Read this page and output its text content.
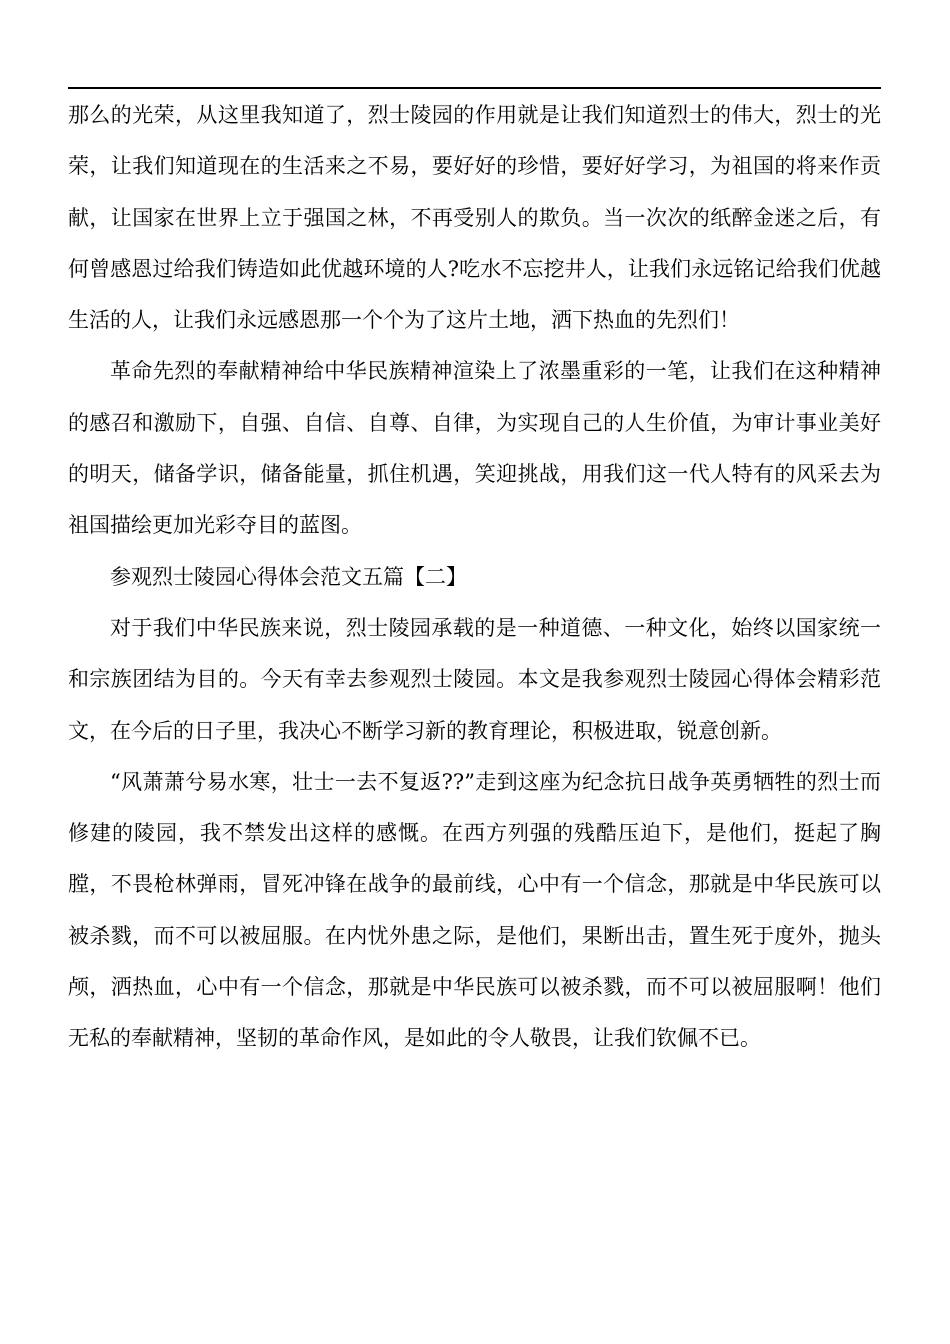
那么的光荣，从这里我知道了，烈士陵园的作用就是让我们知道烈士的伟大，烈士的光荣，让我们知道现在的生活来之不易，要好好的珍惜，要好好学习，为祖国的将来作贡献，让国家在世界上立于强国之林，不再受别人的欺负。当一次次的纸醉金迷之后，有何曾感恩过给我们铸造如此优越环境的人?吃水不忘挖井人，让我们永远铭记给我们优越生活的人，让我们永远感恩那一个个为了这片土地，洒下热血的先烈们！

革命先烈的奉献精神给中华民族精神渲染上了浓墨重彩的一笔，让我们在这种精神的感召和激励下，自强、自信、自尊、自律，为实现自己的人生价值，为审计事业美好的明天，储备学识，储备能量，抓住机遇，笑迎挑战，用我们这一代人特有的风采去为祖国描绘更加光彩夺目的蓝图。

参观烈士陵园心得体会范文五篇【二】

对于我们中华民族来说，烈士陵园承载的是一种道德、一种文化，始终以国家统一和宗族团结为目的。今天有幸去参观烈士陵园。本文是我参观烈士陵园心得体会精彩范文，在今后的日子里，我决心不断学习新的教育理论，积极进取，锐意创新。

“风萧萧兮易水寒，壮士一去不复返??”走到这座为纪念抗日战争英勇牺牲的烈士而修建的陵园，我不禁发出这样的感慨。在西方列强的残酷压迫下，是他们，挺起了胸膛，不畏枪林弹雨，冒死冲锋在战争的最前线，心中有一个信念，那就是中华民族可以被杀戮，而不可以被屈服。在内忧外患之际，是他们，果断出击，置生死于度外，抛头颅，洒热血，心中有一个信念，那就是中华民族可以被杀戮，而不可以被屈服啊！他们无私的奉献精神，坚韧的革命作风，是如此的令人敬畏，让我们钦佩不已。
